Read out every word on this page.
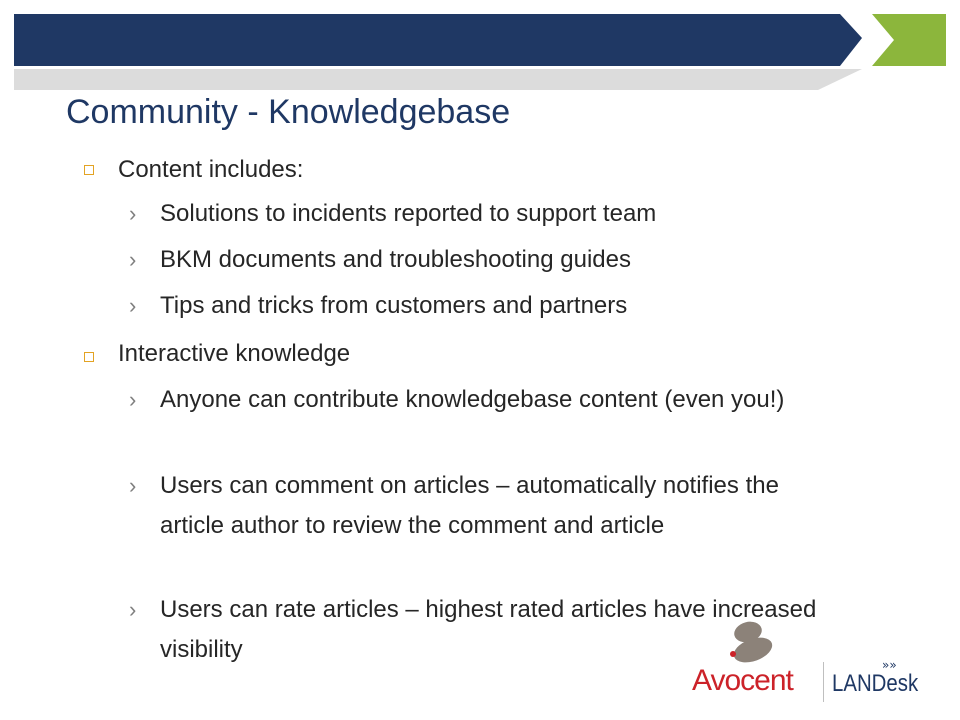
Community - Knowledgebase
Content includes:
› Solutions to incidents reported to support team
› BKM documents and troubleshooting guides
› Tips and tricks from customers and partners
Interactive knowledge
› Anyone can contribute knowledgebase content (even you!)
› Users can comment on articles – automatically notifies the article author to review the comment and article
› Users can rate articles – highest rated articles have increased visibility
Avocent	»»
LANDesk
